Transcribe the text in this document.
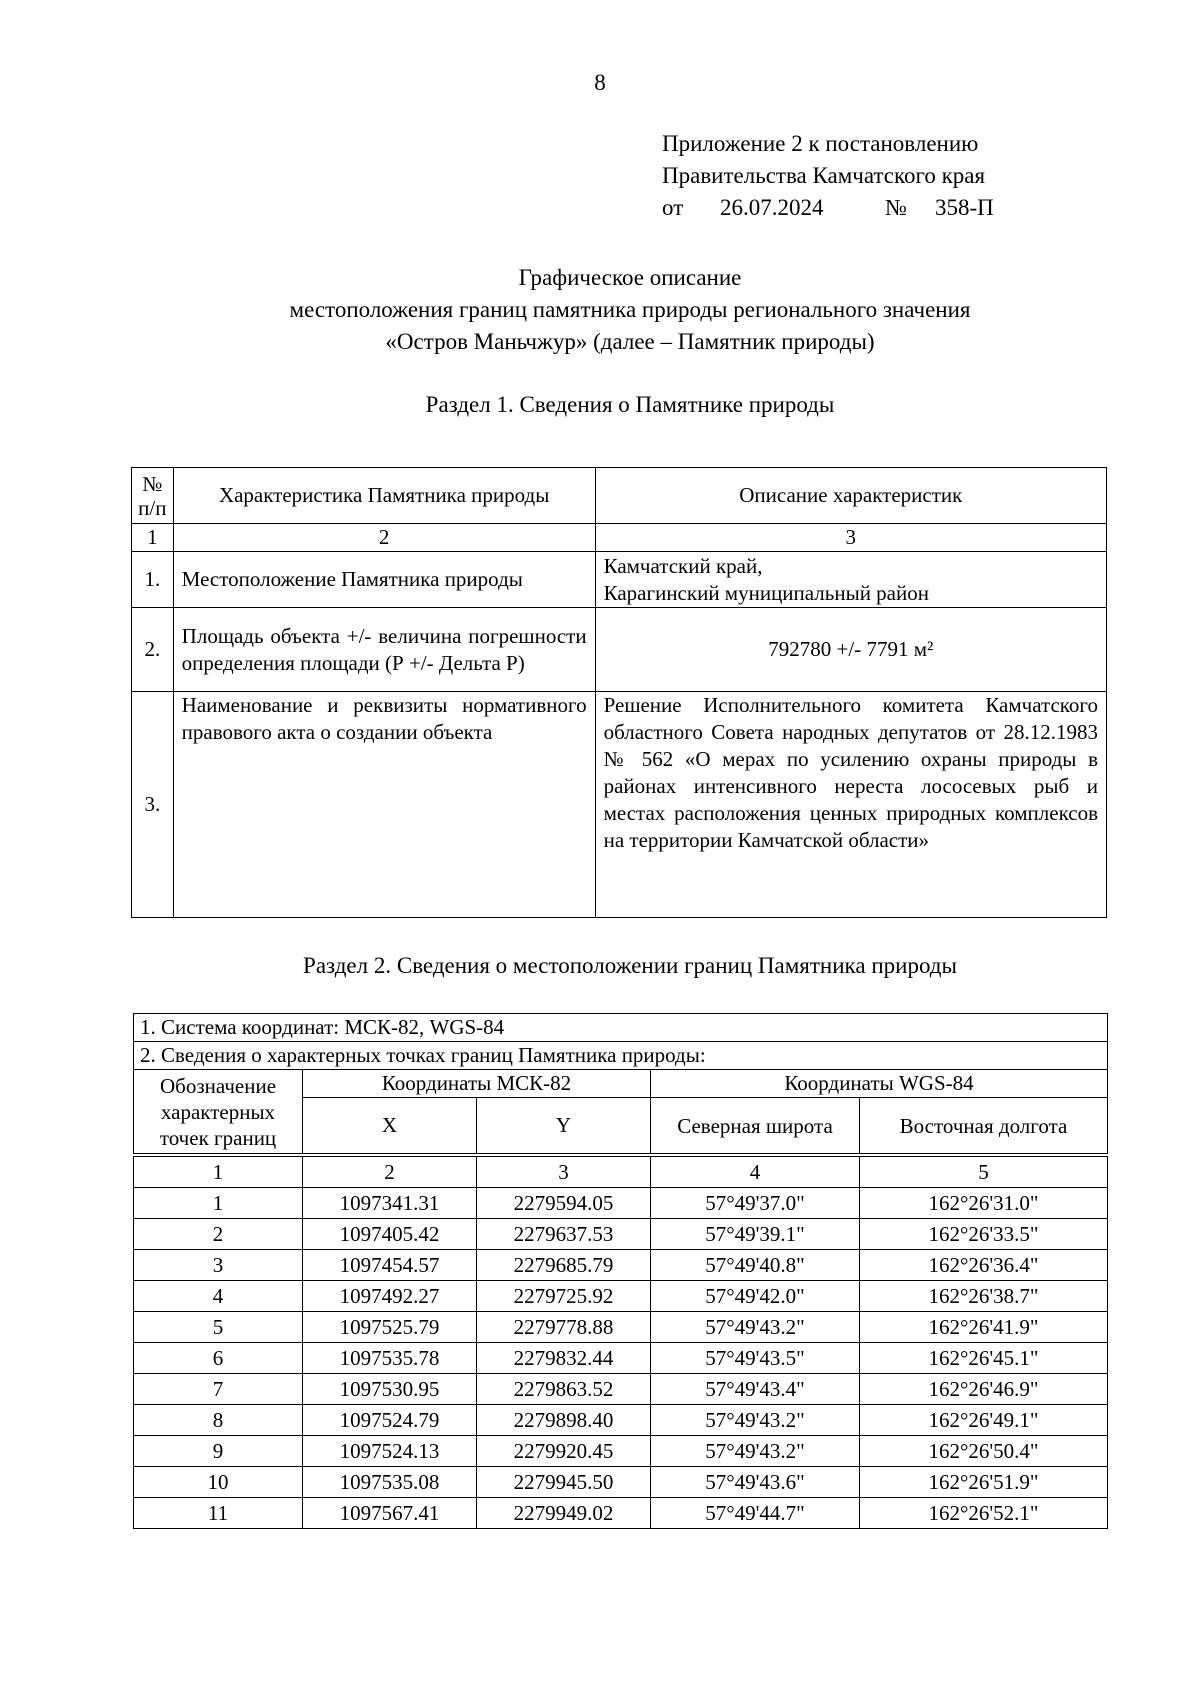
8
Приложение 2 к постановлению
Правительства Камчатского края
от 26.07.2024	№ 358-П
Графическое описание
местоположения границ памятника природы регионального значения
«Остров Маньчжур» (далее – Памятник природы)
Раздел 1. Сведения о Памятнике природы
№ п/п	Характеристика Памятника природы	Описание характеристик
1	2	3
1.	Местоположение Памятника природы	Камчатский край,
Карагинский муниципальный район

2.	Площадь объекта +/- величина погрешности определения площади (Р +/- Дельта Р)	792780 +/- 7791 м²
3.	Наименование и реквизиты нормативного правового акта о создании объекта	Решение Исполнительного комитета Камчатского областного Совета народных депутатов от 28.12.1983 № 562 «О мерах по усилению охраны природы в районах интенсивного нереста лососевых рыб и местах расположения ценных природных комплексов на территории Камчатской области»
Раздел 2. Сведения о местоположении границ Памятника природы
1. Система координат: МСК-82, WGS-84				
2. Сведения о характерных точках границ Памятника природы:				
Обозначение характерных точек границ	Координаты МСК-82		Координаты WGS-84	
	X	Y	Северная широта	Восточная долгота

1	2	3	4	5
1	1097341.31	2279594.05	57°49'37.0"	162°26'31.0"
2	1097405.42	2279637.53	57°49'39.1"	162°26'33.5"
3	1097454.57	2279685.79	57°49'40.8"	162°26'36.4"
4	1097492.27	2279725.92	57°49'42.0"	162°26'38.7"
5	1097525.79	2279778.88	57°49'43.2"	162°26'41.9"
6	1097535.78	2279832.44	57°49'43.5"	162°26'45.1"
7	1097530.95	2279863.52	57°49'43.4"	162°26'46.9"
8	1097524.79	2279898.40	57°49'43.2"	162°26'49.1"
9	1097524.13	2279920.45	57°49'43.2"	162°26'50.4"
10	1097535.08	2279945.50	57°49'43.6"	162°26'51.9"
11	1097567.41	2279949.02	57°49'44.7"	162°26'52.1"
